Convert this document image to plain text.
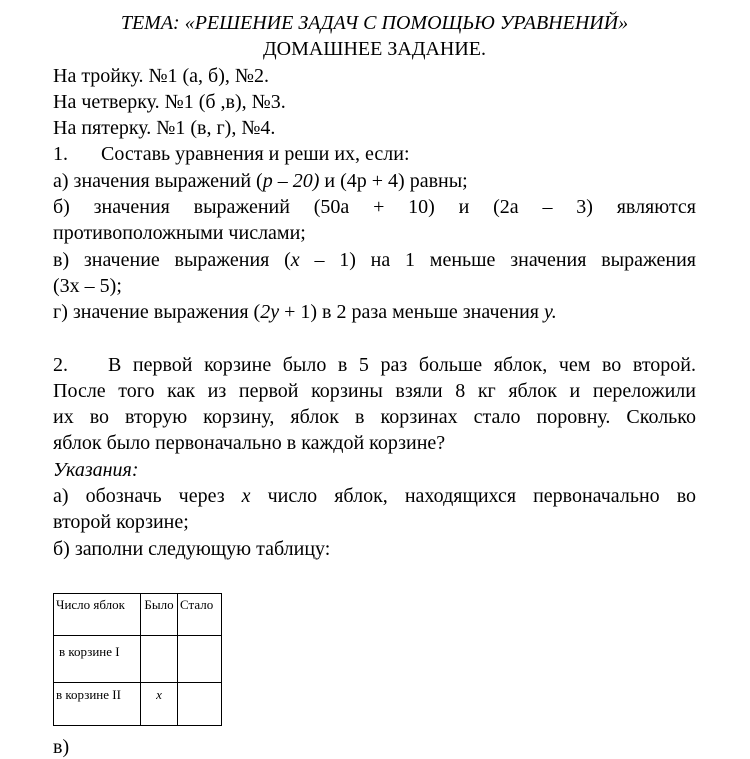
ТЕМА: «РЕШЕНИЕ ЗАДАЧ С ПОМОЩЬЮ УРАВНЕНИЙ»
ДОМАШНЕЕ ЗАДАНИЕ.
На тройку. №1 (а, б), №2.
На четверку. №1 (б ,в), №3.
На пятерку. №1 (в, г), №4.
1. Составь уравнения и реши их, если:
а) значения выражений (p – 20) и (4p + 4) равны;
б) значения выражений (50a + 10) и (2a – 3) являются
противоположными числами;
в) значение выражения (x – 1) на 1 меньше значения выражения
(3x – 5);
г) значение выражения (2y + 1) в 2 раза меньше значения y.
2. В первой корзине было в 5 раз больше яблок, чем во второй.
После того как из первой корзины взяли 8 кг яблок и переложили
их во вторую корзину, яблок в корзинах стало поровну. Сколько
яблок было первоначально в каждой корзине?
Указания:
а) обозначь через x число яблок, находящихся первоначально во
второй корзине;
б) заполни следующую таблицу:
Число яблок	Было	Стало
в корзине I		
в корзине II	x	
в)
